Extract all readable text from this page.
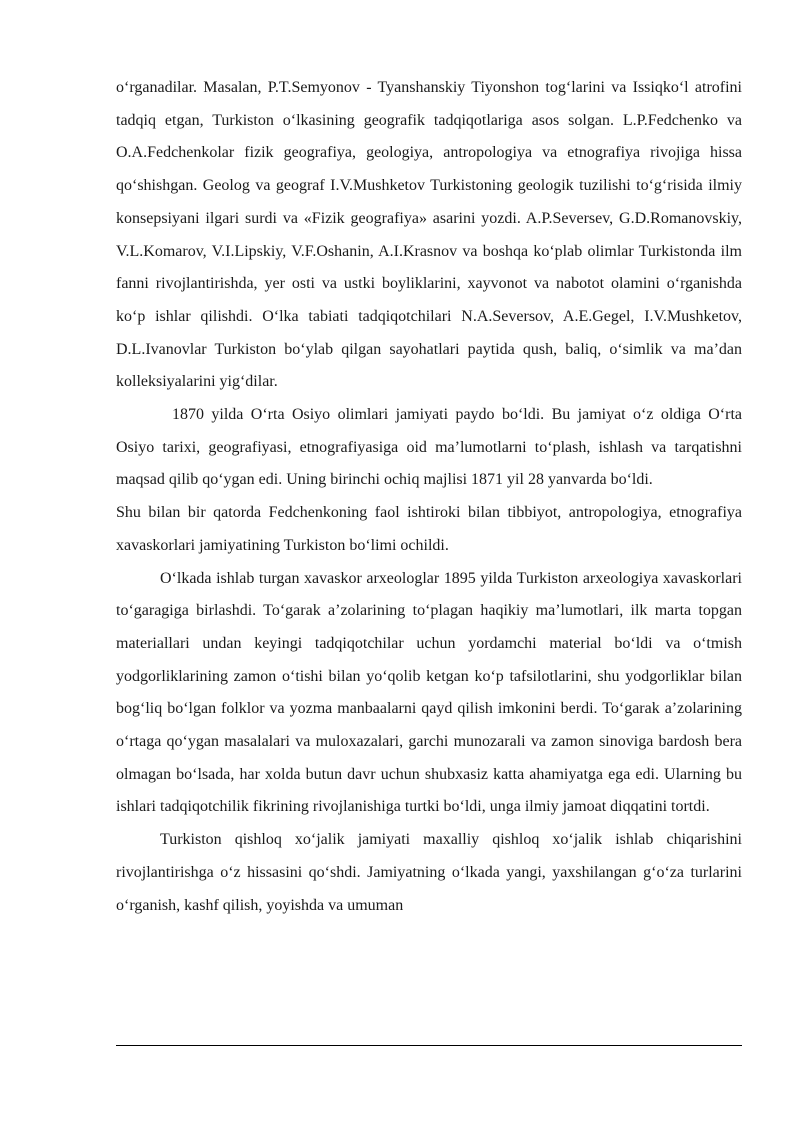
o‘rganadilar. Masalan, P.T.Semyonov - Tyanshanskiy Tiyonshon tog‘larini va Issiqko‘l atrofini tadqiq etgan, Turkiston o‘lkasining geografik tadqiqotlariga asos solgan. L.P.Fedchenko va O.A.Fedchenkolar fizik geografiya, geologiya, antropologiya va etnografiya rivojiga hissa qo‘shishgan. Geolog va geograf I.V.Mushketov Turkistoning geologik tuzilishi to‘g‘risida ilmiy konsepsiyani ilgari surdi va «Fizik geografiya» asarini yozdi. A.P.Seversev, G.D.Romanovskiy, V.L.Komarov, V.I.Lipskiy, V.F.Oshanin, A.I.Krasnov va boshqa ko‘plab olimlar Turkistonda ilm fanni rivojlantirishda, yer osti va ustki boyliklarini, xayvonot va nabotot olamini o‘rganishda ko‘p ishlar qilishdi. O‘lka tabiati tadqiqotchilari N.A.Seversov, A.E.Gegel, I.V.Mushketov, D.L.Ivanovlar Turkiston bo‘ylab qilgan sayohatlari paytida qush, baliq, o‘simlik va ma’dan kolleksiyalarini yig‘dilar.

1870 yilda O‘rta Osiyo olimlari jamiyati paydo bo‘ldi. Bu jamiyat o‘z oldiga O‘rta Osiyo tarixi, geografiyasi, etnografiyasiga oid ma’lumotlarni to‘plash, ishlash va tarqatishni maqsad qilib qo‘ygan edi. Uning birinchi ochiq majlisi 1871 yil 28 yanvarda bo‘ldi.

Shu bilan bir qatorda Fedchenkoning faol ishtiroki bilan tibbiyot, antropologiya, etnografiya xavaskorlari jamiyatining Turkiston bo‘limi ochildi.

O‘lkada ishlab turgan xavaskor arxeologlar 1895 yilda Turkiston arxeologiya xavaskorlari to‘garagiga birlashdi. To‘garak a’zolarining to‘plagan haqikiy ma’lumotlari, ilk marta topgan materiallari undan keyingi tadqiqotchilar uchun yordamchi material bo‘ldi va o‘tmish yodgorliklarining zamon o‘tishi bilan yo‘qolib ketgan ko‘p tafsilotlarini, shu yodgorliklar bilan bog‘liq bo‘lgan folklor va yozma manbaalarni qayd qilish imkonini berdi. To‘garak a’zolarining o‘rtaga qo‘ygan masalalari va muloxazalari, garchi munozarali va zamon sinoviga bardosh bera olmagan bo‘lsada, har xolda butun davr uchun shubxasiz katta ahamiyatga ega edi. Ularning bu ishlari tadqiqotchilik fikrining rivojlanishiga turtki bo‘ldi, unga ilmiy jamoat diqqatini tortdi.

Turkiston qishloq xo‘jalik jamiyati maxalliy qishloq xo‘jalik ishlab chiqarishini rivojlantirishga o‘z hissasini qo‘shdi. Jamiyatning o‘lkada yangi, yaxshilangan g‘o‘za turlarini o‘rganish, kashf qilish, yoyishda va umuman
